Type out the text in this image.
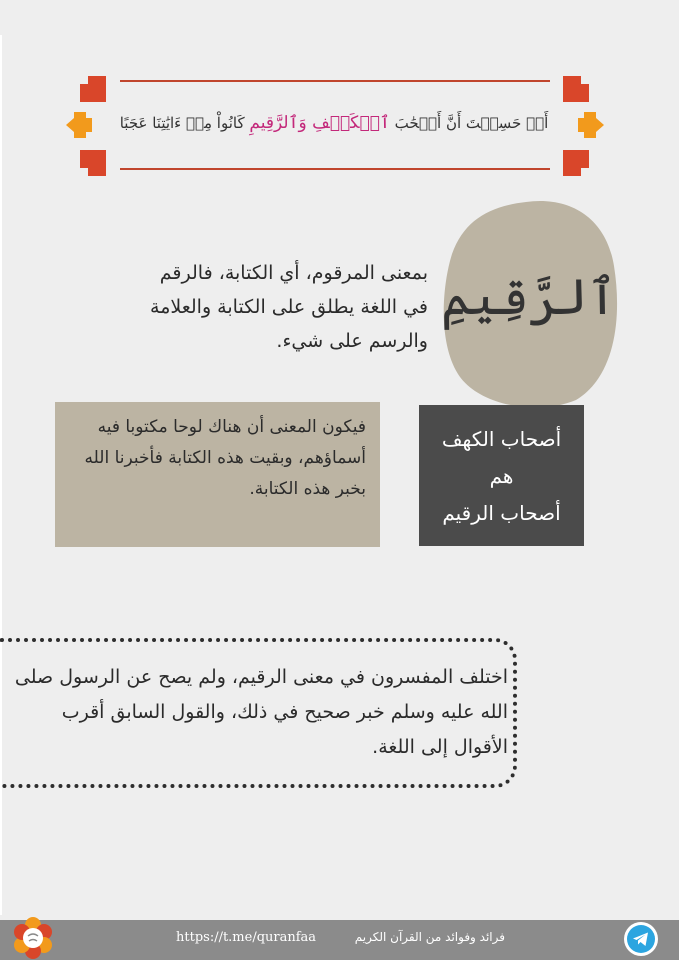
أَمۡ حَسِبۡتَ أَنَّ أَصۡحَٰبَ ٱلۡكَهۡفِ وَٱلرَّقِيمِ كَانُواْ مِنۡ ءَايَٰتِنَا عَجَبًا
ٱلرَّقِيمِ
بمعنى المرقوم، أي الكتابة، فالرقم في اللغة يطلق على الكتابة والعلامة والرسم على شيء.
فيكون المعنى أن هناك لوحا مكتوبا فيه أسماؤهم، وبقيت هذه الكتابة فأخبرنا الله بخبر هذه الكتابة.
أصحاب الكهف
هم
أصحاب الرقيم
اختلف المفسرون في معنى الرقيم، ولم يصح عن الرسول صلى الله عليه وسلم خبر صحيح في ذلك، والقول السابق أقرب الأقوال إلى اللغة.
https://t.me/quranfaa	فرائد وفوائد من القرآن الكريم
